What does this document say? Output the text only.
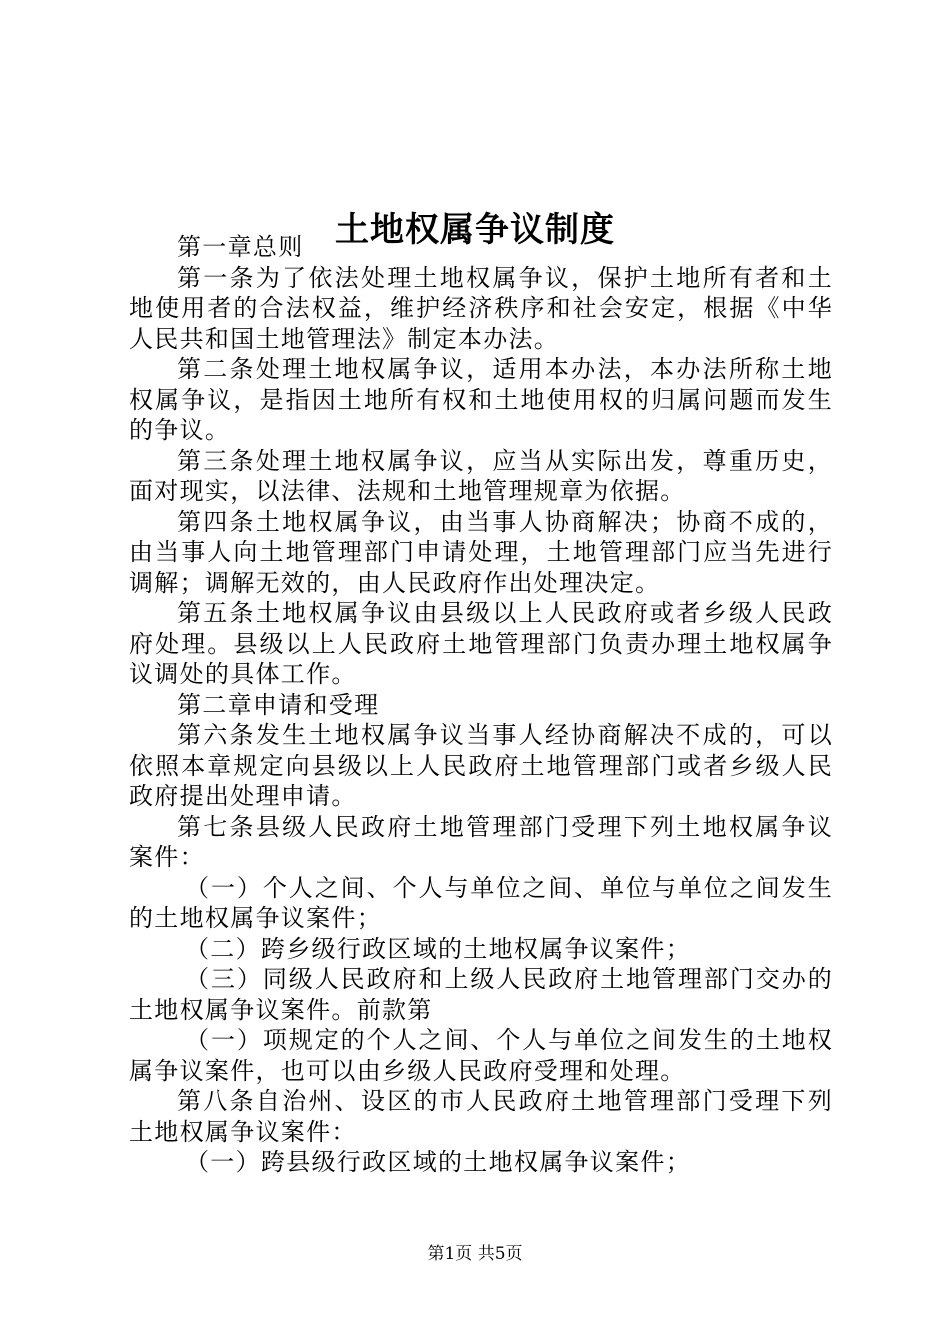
土地权属争议制度

第一章总则

第一条为了依法处理土地权属争议，保护土地所有者和土地使用者的合法权益，维护经济秩序和社会安定，根据《中华人民共和国土地管理法》制定本办法。

第二条处理土地权属争议，适用本办法，本办法所称土地权属争议，是指因土地所有权和土地使用权的归属问题而发生的争议。

第三条处理土地权属争议，应当从实际出发，尊重历史，面对现实，以法律、法规和土地管理规章为依据。

第四条土地权属争议，由当事人协商解决；协商不成的，由当事人向土地管理部门申请处理，土地管理部门应当先进行调解；调解无效的，由人民政府作出处理决定。

第五条土地权属争议由县级以上人民政府或者乡级人民政府处理。县级以上人民政府土地管理部门负责办理土地权属争议调处的具体工作。

第二章申请和受理

第六条发生土地权属争议当事人经协商解决不成的，可以依照本章规定向县级以上人民政府土地管理部门或者乡级人民政府提出处理申请。

第七条县级人民政府土地管理部门受理下列土地权属争议案件：

（一）个人之间、个人与单位之间、单位与单位之间发生的土地权属争议案件；

（二）跨乡级行政区域的土地权属争议案件；

（三）同级人民政府和上级人民政府土地管理部门交办的土地权属争议案件。前款第

（一）项规定的个人之间、个人与单位之间发生的土地权属争议案件，也可以由乡级人民政府受理和处理。

第八条自治州、设区的市人民政府土地管理部门受理下列土地权属争议案件：

（一）跨县级行政区域的土地权属争议案件；

第1页 共5页
